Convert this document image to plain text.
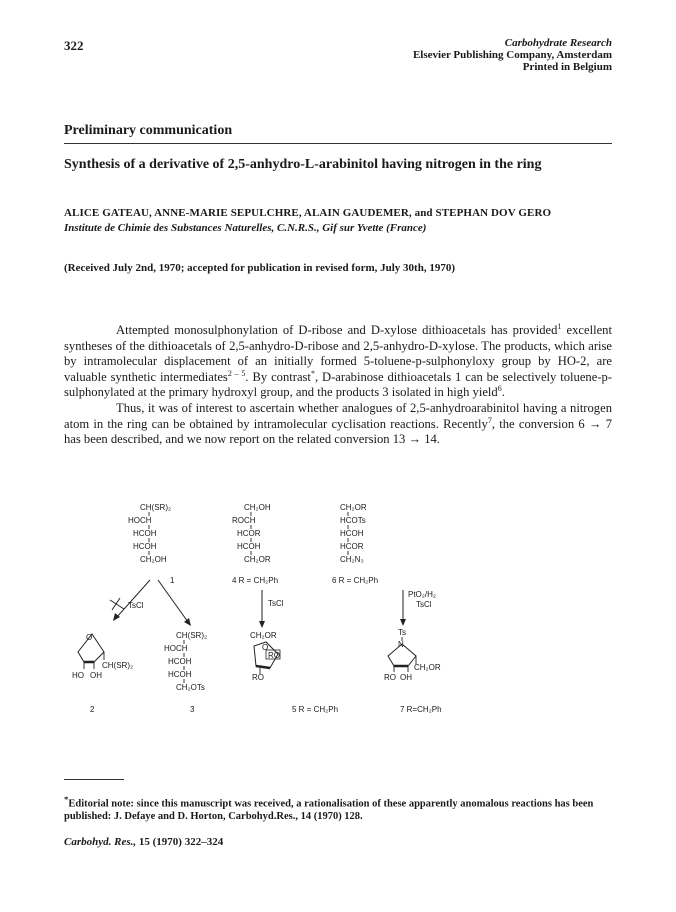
322	Carbohydrate Research
Elsevier Publishing Company, Amsterdam
Printed in Belgium
Preliminary communication
Synthesis of a derivative of 2,5-anhydro-L-arabinitol having nitrogen in the ring
ALICE GATEAU, ANNE-MARIE SEPULCHRE, ALAIN GAUDEMER, and STEPHAN DOV GERO
Institute de Chimie des Substances Naturelles, C.N.R.S., Gif sur Yvette (France)
(Received July 2nd, 1970; accepted for publication in revised form, July 30th, 1970)

Attempted monosulphonylation of D-ribose and D-xylose dithioacetals has provided$^1$ excellent syntheses of the dithioacetals of 2,5-anhydro-D-ribose and 2,5-anhydro-D-xylose. The products, which arise by intramolecular displacement of an initially formed 5-toluene-p-sulphonyloxy group by HO-2, are valuable synthetic intermediates$^{2 - 5}$. By contrast*, D-arabinose dithioacetals 1 can be selectively toluene-p-sulphonylated at the primary hydroxyl group, and the products 3 isolated in high yield$^6$.

Thus, it was of interest to ascertain whether analogues of 2,5-anhydroarabinitol having a nitrogen atom in the ring can be obtained by intramolecular cyclisation reactions. Recently$^7$, the conversion 6 → 7 has been described, and we now report on the related conversion 13 → 14.

CH(SR)₂
HOCH
HCOH
HCOH
CH₂OH
CH₂OH
ROCH
HCOR
HCOH
CH₂OR
CH₂OR
HCOTs
HCOH
HCOR
CH₂N₃
1	4 R = CH₂Ph	6 R = CH₂Ph
TsCl	TsCl
PtO₂/H₂
TsCl
O
CH(SR)₂
HO OH
CH(SR)₂
HOCH
HCOH
HCOH
CH₂OTs
CH₂OR
O
RO
RO
Ts
N
CH₂OR
RO OH
2	3	5 R = CH₂Ph	7 R=CH₂Ph
*Editorial note: since this manuscript was received, a rationalisation of these apparently anomalous reactions has been published: J. Defaye and D. Horton, Carbohyd.Res., 14 (1970) 128.
Carbohyd. Res., 15 (1970) 322–324
